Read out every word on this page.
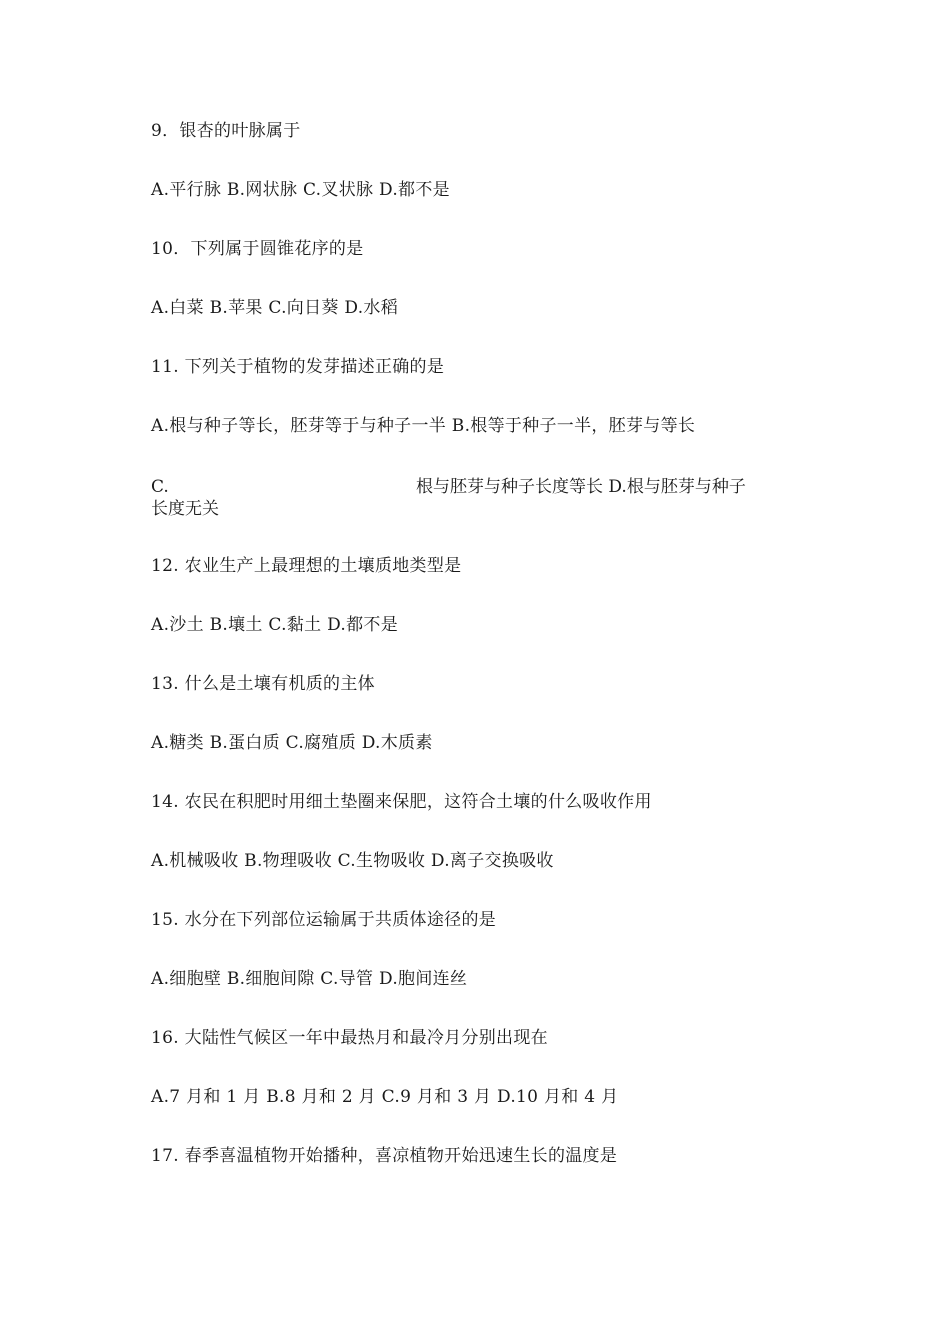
9．银杏的叶脉属于
A.平行脉 B.网状脉 C.叉状脉 D.都不是
10．下列属于圆锥花序的是
A.白菜 B.苹果 C.向日葵 D.水稻
11. 下列关于植物的发芽描述正确的是
A.根与种子等长，胚芽等于与种子一半 B.根等于种子一半，胚芽与等长
C.	根与胚芽与种子长度等长 D.根与胚芽与种子
长度无关
12. 农业生产上最理想的土壤质地类型是
A.沙土 B.壤土 C.黏土 D.都不是
13. 什么是土壤有机质的主体
A.糖类 B.蛋白质 C.腐殖质 D.木质素
14. 农民在积肥时用细土垫圈来保肥，这符合土壤的什么吸收作用
A.机械吸收 B.物理吸收 C.生物吸收 D.离子交换吸收
15. 水分在下列部位运输属于共质体途径的是
A.细胞壁 B.细胞间隙 C.导管 D.胞间连丝
16. 大陆性气候区一年中最热月和最冷月分别出现在
A.7 月和 1 月 B.8 月和 2 月 C.9 月和 3 月 D.10 月和 4 月
17. 春季喜温植物开始播种，喜凉植物开始迅速生长的温度是
